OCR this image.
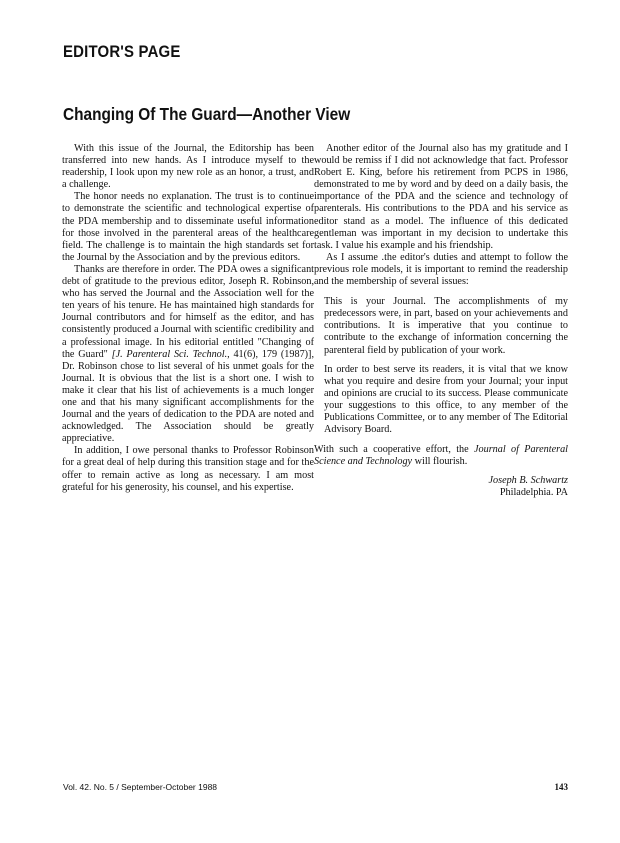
EDITOR'S PAGE
Changing Of The Guard—Another View

With this issue of the Journal, the Editorship has been transferred into new hands. As I introduce myself to the readership, I look upon my new role as an honor, a trust, and a challenge.

The honor needs no explanation. The trust is to continue to demonstrate the scientific and technological expertise of the PDA membership and to disseminate useful information for those involved in the parenteral areas of the healthcare field. The challenge is to maintain the high standards set for the Journal by the Association and by the previous editors.

Thanks are therefore in order. The PDA owes a significant debt of gratitude to the previous editor, Joseph R. Robinson, who has served the Journal and the Association well for the ten years of his tenure. He has maintained high standards for Journal contributors and for himself as the editor, and has consistently produced a Journal with scientific credibility and a professional image. In his editorial entitled "Changing of the Guard" [J. Parenteral Sci. Technol., 41(6), 179 (1987)], Dr. Robinson chose to list several of his unmet goals for the Journal. It is obvious that the list is a short one. I wish to make it clear that his list of achievements is a much longer one and that his many significant accomplishments for the Journal and the years of dedication to the PDA are noted and acknowledged. The Association should be greatly appreciative.

In addition, I owe personal thanks to Professor Robinson for a great deal of help during this transition stage and for the offer to remain active as long as necessary. I am most grateful for his generosity, his counsel, and his expertise.

Another editor of the Journal also has my gratitude and I would be remiss if I did not acknowledge that fact. Professor Robert E. King, before his retirement from PCPS in 1986, demonstrated to me by word and by deed on a daily basis, the importance of the PDA and the science and technology of parenterals. His contributions to the PDA and his service as editor stand as a model. The influence of this dedicated gentleman was important in my decision to undertake this task. I value his example and his friendship.

As I assume .the editor's duties and attempt to follow the previous role models, it is important to remind the readership and the membership of several issues:

This is your Journal. The accomplishments of my predecessors were, in part, based on your achievements and contributions. It is imperative that you continue to contribute to the exchange of information concerning the parenteral field by publication of your work.

In order to best serve its readers, it is vital that we know what you require and desire from your Journal; your input and opinions are crucial to its success. Please communicate your suggestions to this office, to any member of the Publications Committee, or to any member of The Editorial Advisory Board.

With such a cooperative effort, the Journal of Parenteral Science and Technology will flourish.

Joseph B. Schwartz
Philadelphia. PA
Vol. 42. No. 5 / September-October 1988	143
